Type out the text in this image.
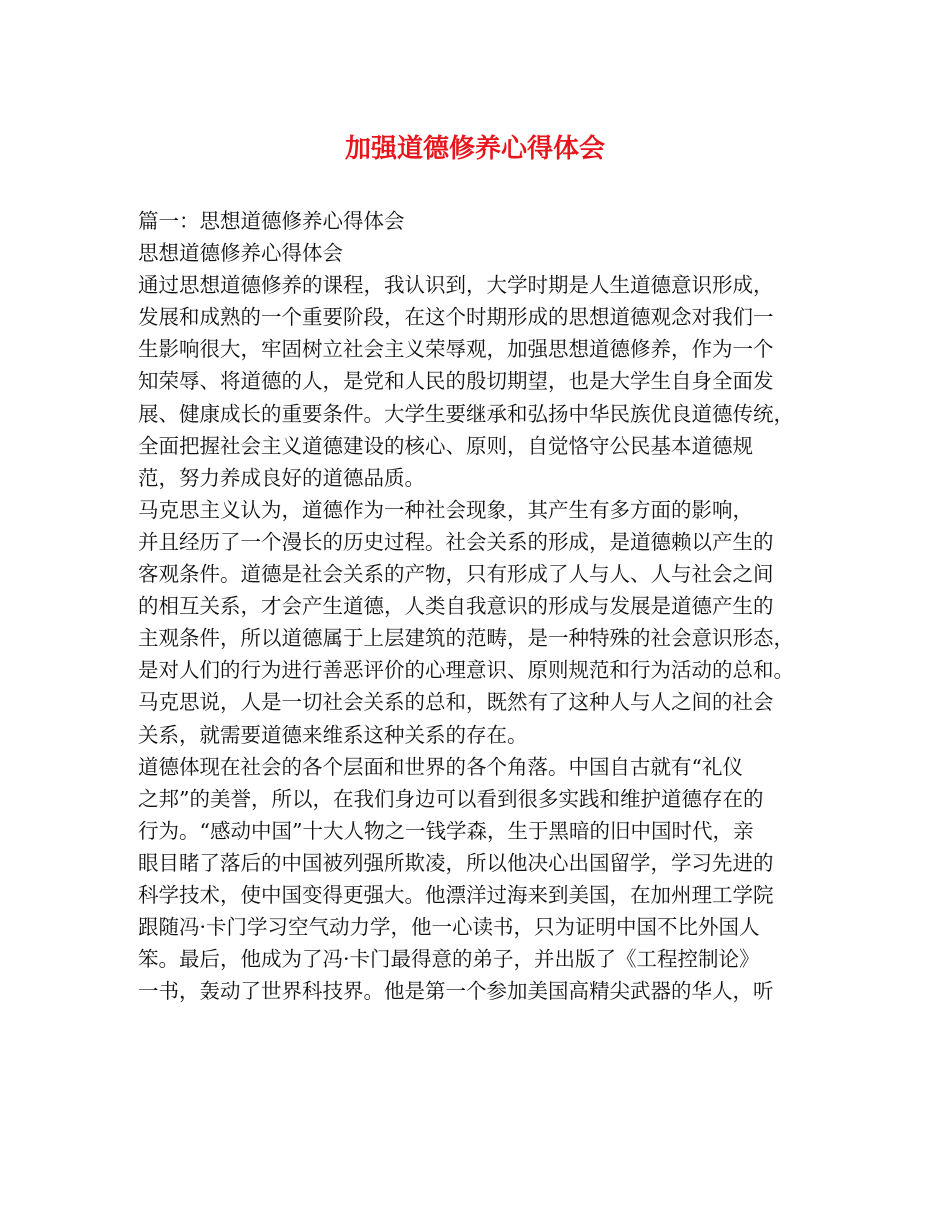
加强道德修养心得体会
篇一：思想道德修养心得体会
思想道德修养心得体会
通过思想道德修养的课程，我认识到，大学时期是人生道德意识形成，
发展和成熟的一个重要阶段，在这个时期形成的思想道德观念对我们一
生影响很大，牢固树立社会主义荣辱观，加强思想道德修养，作为一个
知荣辱、将道德的人，是党和人民的殷切期望，也是大学生自身全面发
展、健康成长的重要条件。大学生要继承和弘扬中华民族优良道德传统，
全面把握社会主义道德建设的核心、原则，自觉恪守公民基本道德规
范，努力养成良好的道德品质。
马克思主义认为，道德作为一种社会现象，其产生有多方面的影响，
并且经历了一个漫长的历史过程。社会关系的形成，是道德赖以产生的
客观条件。道德是社会关系的产物，只有形成了人与人、人与社会之间
的相互关系，才会产生道德，人类自我意识的形成与发展是道德产生的
主观条件，所以道德属于上层建筑的范畴，是一种特殊的社会意识形态，
是对人们的行为进行善恶评价的心理意识、原则规范和行为活动的总和。
马克思说，人是一切社会关系的总和，既然有了这种人与人之间的社会
关系，就需要道德来维系这种关系的存在。
道德体现在社会的各个层面和世界的各个角落。中国自古就有“礼仪
之邦”的美誉，所以，在我们身边可以看到很多实践和维护道德存在的
行为。“感动中国”十大人物之一钱学森，生于黑暗的旧中国时代，亲
眼目睹了落后的中国被列强所欺凌，所以他决心出国留学，学习先进的
科学技术，使中国变得更强大。他漂洋过海来到美国，在加州理工学院
跟随冯·卡门学习空气动力学，他一心读书，只为证明中国不比外国人
笨。最后，他成为了冯·卡门最得意的弟子，并出版了《工程控制论》
一书，轰动了世界科技界。他是第一个参加美国高精尖武器的华人，听
